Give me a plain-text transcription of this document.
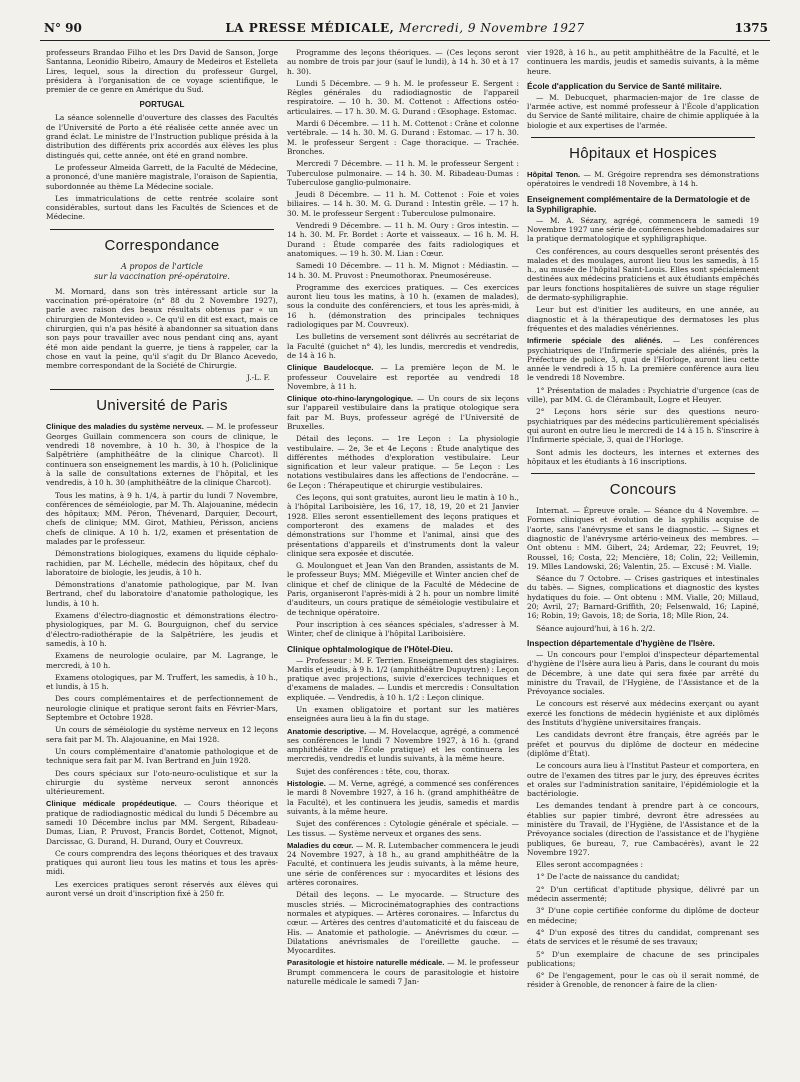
N° 90	LA PRESSE MÉDICALE, Mercredi, 9 Novembre 1927	1375

professeurs Brandao Filho et les Drs David de Sanson, Jorge Santanna, Leonidio Ribeiro, Amaury de Medeiros et Estelleta Lires, lequel, sous la direction du professeur Gurgel, présidera à l'organisation de ce voyage scientifique, le premier de ce genre en Amérique du Sud.

PORTUGAL

La séance solennelle d'ouverture des classes des Facultés de l'Université de Porto a été réalisée cette année avec un grand éclat. Le ministre de l'Instruction publique présida à la distribution des différents prix accordés aux élèves les plus distingués qui, cette année, ont été en grand nombre.

Le professeur Almeida Garrett, de la Faculté de Médecine, a prononcé, d'une manière magistrale, l'oraison de Sapientia, subordonnée au thème La Médecine sociale.

Les immatriculations de cette rentrée scolaire sont considérables, surtout dans les Facultés de Sciences et de Médecine.

Correspondance
A propos de l'article
sur la vaccination pré-opératoire.

M. Mornard, dans son très intéressant article sur la vaccination pré-opératoire (n° 88 du 2 Novembre 1927), parle avec raison des beaux résultats obtenus par « un chirurgien de Montevideo ». Ce qu'il en dit est exact, mais ce chirurgien, qui n'a pas hésité à abandonner sa situation dans son pays pour travailler avec nous pendant cinq ans, ayant été mon aide pendant la guerre, je tiens à rappeler, car la chose en vaut la peine, qu'il s'agit du Dr Blanco Acevedo, membre correspondant de la Société de Chirurgie.

J.-L. F.
Université de Paris

Clinique des maladies du système nerveux. — M. le professeur Georges Guillain commencera son cours de clinique, le vendredi 18 novembre, à 10 h. 30, à l'hospice de la Salpêtrière (amphithéâtre de la clinique Charcot). Il continuera son enseignement les mardis, à 10 h. (Policlinique à la salle de consultations externes de l'hôpital, et les vendredis, à 10 h. 30 (amphithéâtre de la clinique Charcot).

Tous les matins, à 9 h. 1/4, à partir du lundi 7 Novembre, conférences de séméiologie, par M. Th. Alajouanine, médecin des hôpitaux; MM. Péron, Thévenard, Darquier, Decourt, chefs de clinique; MM. Girot, Mathieu, Périsson, anciens chefs de clinique. A 10 h. 1/2, examen et présentation de malades par le professeur.

Démonstrations biologiques, examens du liquide céphalo-rachidien, par M. Léchelle, médecin des hôpitaux, chef du laboratoire de biologie, les jeudis, à 10 h.

Démonstrations d'anatomie pathologique, par M. Ivan Bertrand, chef du laboratoire d'anatomie pathologique, les lundis, à 10 h.

Examens d'électro-diagnostic et démonstrations électro-physiologiques, par M. G. Bourguignon, chef du service d'électro-radiothérapie de la Salpêtrière, les jeudis et samedis, à 10 h.

Examens de neurologie oculaire, par M. Lagrange, le mercredi, à 10 h.

Examens otologiques, par M. Truffert, les samedis, à 10 h., et lundis, à 15 h.

Des cours complémentaires et de perfectionnement de neurologie clinique et pratique seront faits en Février-Mars, Septembre et Octobre 1928.

Un cours de séméiologie du système nerveux en 12 leçons sera fait par M. Th. Alajouanine, en Mai 1928.

Un cours complémentaire d'anatomie pathologique et de technique sera fait par M. Ivan Bertrand en Juin 1928.

Des cours spéciaux sur l'oto-neuro-oculistique et sur la chirurgie du système nerveux seront annoncés ultérieurement.

Clinique médicale propédeutique. — Cours théorique et pratique de radiodiagnostic médical du lundi 5 Décembre au samedi 10 Décembre inclus par MM. Sergent, Ribadeau-Dumas, Lian, P. Pruvost, Francis Bordet, Cottenot, Mignot, Darcissac, G. Durand, H. Durand, Oury et Couvreux.

Ce cours comprendra des leçons théoriques et des travaux pratiques qui auront lieu tous les matins et tous les après-midi.

Les exercices pratiques seront réservés aux élèves qui auront versé un droit d'inscription fixé à 250 fr.

Programme des leçons théoriques. — (Ces leçons seront au nombre de trois par jour (sauf le lundi), à 14 h. 30 et à 17 h. 30).

Lundi 5 Décembre. — 9 h. M. le professeur E. Sergent : Règles générales du radiodiagnostic de l'appareil respiratoire. — 10 h. 30. M. Cottenot : Affections ostéo-articulaires. — 17 h. 30. M. G. Durand : Œsophage. Estomac.

Mardi 6 Décembre. — 11 h. M. Cottenot : Crâne et colonne vertébrale. — 14 h. 30. M. G. Durand : Estomac. — 17 h. 30. M. le professeur Sergent : Cage thoracique. — Trachée. Bronches.

Mercredi 7 Décembre. — 11 h. M. le professeur Sergent : Tuberculose pulmonaire. — 14 h. 30. M. Ribadeau-Dumas : Tuberculose ganglio-pulmonaire.

Jeudi 8 Décembre. — 11 h. M. Cottenot : Foie et voies biliaires. — 14 h. 30. M. G. Durand : Intestin grêle. — 17 h. 30. M. le professeur Sergent : Tuberculose pulmonaire.

Vendredi 9 Décembre. — 11 h. M. Oury : Gros intestin. — 14 h. 30. M. Fr. Bordet : Aorte et vaisseaux. — 16 h. M. H. Durand : Étude comparée des faits radiologiques et anatomiques. — 19 h. 30. M. Lian : Cœur.

Samedi 10 Décembre. — 11 h. M. Mignot : Médiastin. — 14 h. 30. M. Pruvost : Pneumothorax. Pneumoséreuse.

Programme des exercices pratiques. — Ces exercices auront lieu tous les matins, à 10 h. (examen de malades), sous la conduite des conférenciers, et tous les après-midi, à 16 h. (démonstration des principales techniques radiologiques par M. Couvreux).

Les bulletins de versement sont délivrés au secrétariat de la Faculté (guichet n° 4), les lundis, mercredis et vendredis, de 14 à 16 h.

Clinique Baudelocque. — La première leçon de M. le professeur Couvelaire est reportée au vendredi 18 Novembre, à 11 h.

Clinique oto-rhino-laryngologique. — Un cours de six leçons sur l'appareil vestibulaire dans la pratique otologique sera fait par M. Buys, professeur agrégé de l'Université de Bruxelles.

Détail des leçons. — 1re Leçon : La physiologie vestibulaire. — 2e, 3e et 4e Leçons : Étude analytique des différentes méthodes d'exploration vestibulaire. Leur signification et leur valeur pratique. — 5e Leçon : Les notations vestibulaires dans les affections de l'endocrâne. — 6e Leçon : Thérapeutique et chirurgie vestibulaires.

Ces leçons, qui sont gratuites, auront lieu le matin à 10 h., à l'hôpital Lariboisière, les 16, 17, 18, 19, 20 et 21 Janvier 1928. Elles seront essentiellement des leçons pratiques et comporteront des examens de malades et des démonstrations sur l'homme et l'animal, ainsi que des présentations d'appareils et d'instruments dont la valeur clinique sera exposée et discutée.

G. Moulonguet et Jean Van den Branden, assistants de M. le professeur Buys; MM. Miégeville et Winter ancien chef de clinique et chef de clinique de la Faculté de Médecine de Paris, organiseront l'après-midi à 2 h. pour un nombre limité d'auditeurs, un cours pratique de séméiologie vestibulaire et de technique opératoire.

Pour inscription à ces séances spéciales, s'adresser à M. Winter, chef de clinique à l'hôpital Lariboisière.

Clinique ophtalmologique de l'Hôtel-Dieu.

— Professeur : M. F. Terrien. Enseignement des stagiaires. Mardis et jeudis, à 9 h. 1/2 (amphithéâtre Dupuytren) : Leçon pratique avec projections, suivie d'exercices techniques et d'examens de malades. — Lundis et mercredis : Consultation expliquée. — Vendredis, à 10 h. 1/2 : Leçon clinique.

Un examen obligatoire et portant sur les matières enseignées aura lieu à la fin du stage.

Anatomie descriptive. — M. Hovelacque, agrégé, a commencé ses conférences le lundi 7 Novembre 1927, à 16 h. (grand amphithéâtre de l'École pratique) et les continuera les mercredis, vendredis et lundis suivants, à la même heure.

Sujet des conférences : tête, cou, thorax.

Histologie. — M. Verne, agrégé, a commencé ses conférences le mardi 8 Novembre 1927, à 16 h. (grand amphithéâtre de la Faculté), et les continuera les jeudis, samedis et mardis suivants, à la même heure.

Sujet des conférences : Cytologie générale et spéciale. — Les tissus. — Système nerveux et organes des sens.

Maladies du cœur. — M. R. Lutembacher commencera le jeudi 24 Novembre 1927, à 18 h., au grand amphithéâtre de la Faculté, et continuera les jeudis suivants, à la même heure, une série de conférences sur : myocardites et lésions des artères coronaires.

Détail des leçons. — Le myocarde. — Structure des muscles striés. — Microcinématographies des contractions normales et atypiques. — Artères coronaires. — Infarctus du cœur. — Artères des centres d'automaticité et du faisceau de His. — Anatomie et pathologie. — Anévrismes du cœur. — Dilatations anévrismales de l'oreillette gauche. — Myocardites.

Parasitologie et histoire naturelle médicale. — M. le professeur Brumpt commencera le cours de parasitologie et histoire naturelle médicale le samedi 7 Jan-

vier 1928, à 16 h., au petit amphithéâtre de la Faculté, et le continuera les mardis, jeudis et samedis suivants, à la même heure.

École d'application du Service de Santé militaire.

— M. Debucquet, pharmacien-major de 1re classe de l'armée active, est nommé professeur à l'École d'application du Service de Santé militaire, chaire de chimie appliquée à la biologie et aux expertises de l'armée.

Hôpitaux et Hospices

Hôpital Tenon. — M. Grégoire reprendra ses démonstrations opératoires le vendredi 18 Novembre, à 14 h.

Enseignement complémentaire de la Dermatologie et de la Syphiligraphie.

— M. A. Sézary, agrégé, commencera le samedi 19 Novembre 1927 une série de conférences hebdomadaires sur la pratique dermatologique et syphiligraphique.

Ces conférences, au cours desquelles seront présentés des malades et des moulages, auront lieu tous les samedis, à 15 h., au musée de l'hôpital Saint-Louis. Elles sont spécialement destinées aux médecins praticiens et aux étudiants empêchés par leurs fonctions hospitalières de suivre un stage régulier de dermato-syphiligraphie.

Leur but est d'initier les auditeurs, en une année, au diagnostic et à la thérapeutique des dermatoses les plus fréquentes et des maladies vénériennes.

Infirmerie spéciale des aliénés. — Les conférences psychiatriques de l'Infirmerie spéciale des aliénés, près la Préfecture de police, 3, quai de l'Horloge, auront lieu cette année le vendredi à 15 h. La première conférence aura lieu le vendredi 18 Novembre.

1° Présentation de malades : Psychiatrie d'urgence (cas de ville), par MM. G. de Clérambault, Logre et Heuyer.

2° Leçons hors série sur des questions neuro-psychiatriques par des médecins particulièrement spécialisés qui auront en outre lieu le mercredi de 14 à 15 h. S'inscrire à l'Infirmerie spéciale, 3, quai de l'Horloge.

Sont admis les docteurs, les internes et externes des hôpitaux et les étudiants à 16 inscriptions.

Concours

Internat. — Épreuve orale. — Séance du 4 Novembre. — Formes cliniques et évolution de la syphilis acquise de l'aorte, sans l'anévrysme et sans le diagnostic. — Signes et diagnostic de l'anévrysme artério-veineux des membres. — Ont obtenu : MM. Gibert, 24; Ardemar, 22; Feuvret, 19; Roussel, 16; Costa, 22; Mencière, 18; Colin, 22; Veillemin, 19. Mlles Landowski, 26; Valentin, 25. — Excusé : M. Vialle.

Séance du 7 Octobre. — Crises gastriques et intestinales du tabès. — Signes, complications et diagnostic des kystes hydatiques du foie. — Ont obtenu : MM. Vialle, 20; Millaud, 20; Avril, 27; Barnard-Griffith, 20; Felsenwald, 16; Lapiné, 16; Robin, 19; Gavois, 18; de Soria, 18; Mlle Rion, 24.

Séance aujourd'hui, à 16 h. 2/2.

Inspection départementale d'hygiène de l'Isère.

— Un concours pour l'emploi d'inspecteur départemental d'hygiène de l'Isère aura lieu à Paris, dans le courant du mois de Décembre, à une date qui sera fixée par arrêté du ministre du Travail, de l'Hygiène, de l'Assistance et de la Prévoyance sociales.

Le concours est réservé aux médecins exerçant ou ayant exercé les fonctions de médecin hygiéniste et aux diplômés des Instituts d'hygiène universitaires français.

Les candidats devront être français, être agréés par le préfet et pourvus du diplôme de docteur en médecine (diplôme d'État).

Le concours aura lieu à l'Institut Pasteur et comportera, en outre de l'examen des titres par le jury, des épreuves écrites et orales sur l'administration sanitaire, l'épidémiologie et la bactériologie.

Les demandes tendant à prendre part à ce concours, établies sur papier timbré, devront être adressées au ministère du Travail, de l'Hygiène, de l'Assistance et de la Prévoyance sociales (direction de l'assistance et de l'hygiène publiques, 6e bureau, 7, rue Cambacérès), avant le 22 Novembre 1927.

Elles seront accompagnées :

1° De l'acte de naissance du candidat;

2° D'un certificat d'aptitude physique, délivré par un médecin assermenté;

3° D'une copie certifiée conforme du diplôme de docteur en médecine;

4° D'un exposé des titres du candidat, comprenant ses états de services et le résumé de ses travaux;

5° D'un exemplaire de chacune de ses principales publications;

6° De l'engagement, pour le cas où il serait nommé, de résider à Grenoble, de renoncer à faire de la clien-
